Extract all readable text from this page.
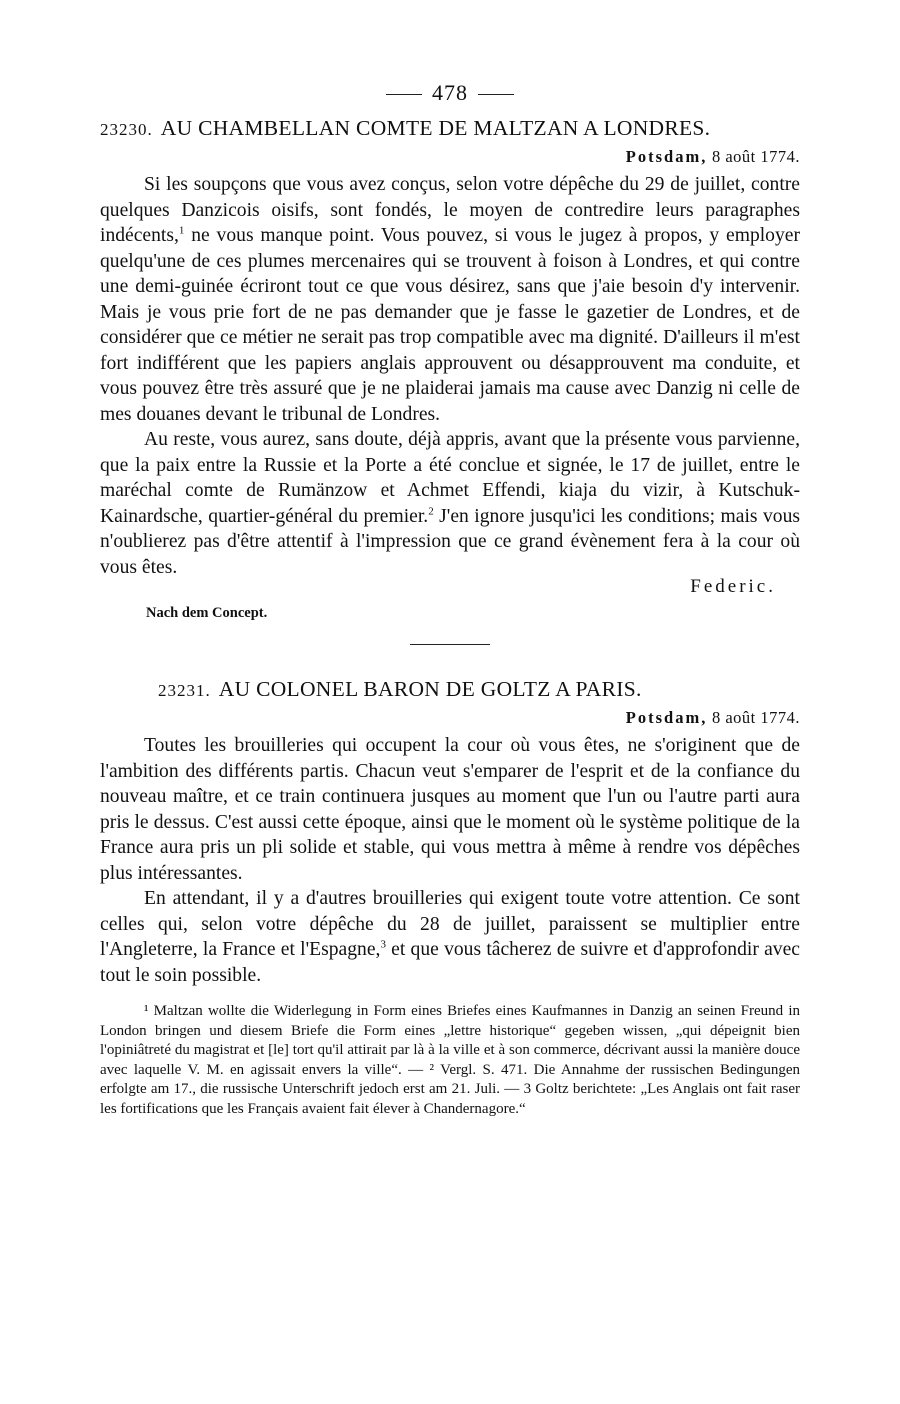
478

23230. AU CHAMBELLAN COMTE DE MALTZAN A LONDRES.

Potsdam, 8 août 1774.

Si les soupçons que vous avez conçus, selon votre dépêche du 29 de juillet, contre quelques Danzicois oisifs, sont fondés, le moyen de contredire leurs paragraphes indécents,$^1$ ne vous manque point. Vous pouvez, si vous le jugez à propos, y employer quelqu'une de ces plumes mercenaires qui se trouvent à foison à Londres, et qui contre une demi-guinée écriront tout ce que vous désirez, sans que j'aie besoin d'y intervenir. Mais je vous prie fort de ne pas demander que je fasse le gazetier de Londres, et de considérer que ce métier ne serait pas trop compatible avec ma dignité. D'ailleurs il m'est fort indifférent que les papiers anglais approuvent ou désapprouvent ma conduite, et vous pouvez être très assuré que je ne plaiderai jamais ma cause avec Danzig ni celle de mes douanes devant le tribunal de Londres.

Au reste, vous aurez, sans doute, déjà appris, avant que la présente vous parvienne, que la paix entre la Russie et la Porte a été conclue et signée, le 17 de juillet, entre le maréchal comte de Rumänzow et Achmet Effendi, kiaja du vizir, à Kutschuk-Kainardsche, quartier-général du premier.$^2$ J'en ignore jusqu'ici les conditions; mais vous n'oublierez pas d'être attentif à l'impression que ce grand évènement fera à la cour où vous êtes.

Federic.

Nach dem Concept.

23231. AU COLONEL BARON DE GOLTZ A PARIS.

Potsdam, 8 août 1774.

Toutes les brouilleries qui occupent la cour où vous êtes, ne s'originent que de l'ambition des différents partis. Chacun veut s'emparer de l'esprit et de la confiance du nouveau maître, et ce train continuera jusques au moment que l'un ou l'autre parti aura pris le dessus. C'est aussi cette époque, ainsi que le moment où le système politique de la France aura pris un pli solide et stable, qui vous mettra à même à rendre vos dépêches plus intéressantes.

En attendant, il y a d'autres brouilleries qui exigent toute votre attention. Ce sont celles qui, selon votre dépêche du 28 de juillet, paraissent se multiplier entre l'Angleterre, la France et l'Espagne,$^3$ et que vous tâcherez de suivre et d'approfondir avec tout le soin possible.

¹ Maltzan wollte die Widerlegung in Form eines Briefes eines Kaufmannes in Danzig an seinen Freund in London bringen und diesem Briefe die Form eines „lettre historique“ gegeben wissen, „qui dépeignit bien l'opiniâtreté du magistrat et [le] tort qu'il attirait par là à la ville et à son commerce, décrivant aussi la manière douce avec laquelle V. M. en agissait envers la ville“. — ² Vergl. S. 471. Die Annahme der russischen Bedingungen erfolgte am 17., die russische Unterschrift jedoch erst am 21. Juli. — 3 Goltz berichtete: „Les Anglais ont fait raser les fortifications que les Français avaient fait élever à Chandernagore.“
